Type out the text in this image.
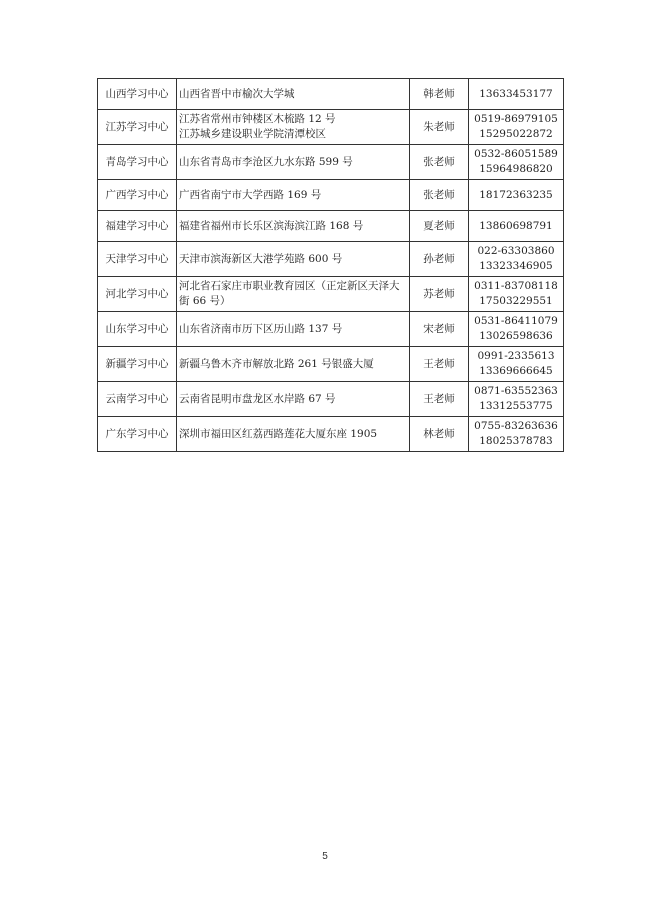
山西学习中心	山西省晋中市榆次大学城	韩老师	13633453177

江苏学习中心	江苏省常州市钟楼区木梳路 12 号
江苏城乡建设职业学院清潭校区	朱老师	0519-86979105
15295022872

青岛学习中心	山东省青岛市李沧区九水东路 599 号	张老师	0532-86051589
15964986820

广西学习中心	广西省南宁市大学西路 169 号	张老师	18172363235

福建学习中心	福建省福州市长乐区滨海滨江路 168 号	夏老师	13860698791

天津学习中心	天津市滨海新区大港学苑路 600 号	孙老师	022-63303860
13323346905

河北学习中心	河北省石家庄市职业教育园区（正定新区天泽大
街 66 号）	苏老师	0311-83708118
17503229551

山东学习中心	山东省济南市历下区历山路 137 号	宋老师	0531-86411079
13026598636

新疆学习中心	新疆乌鲁木齐市解放北路 261 号银盛大厦	王老师	0991-2335613
13369666645

云南学习中心	云南省昆明市盘龙区水岸路 67 号	王老师	0871-63552363
13312553775

广东学习中心	深圳市福田区红荔西路莲花大厦东座 1905	林老师	0755-83263636
18025378783
5
